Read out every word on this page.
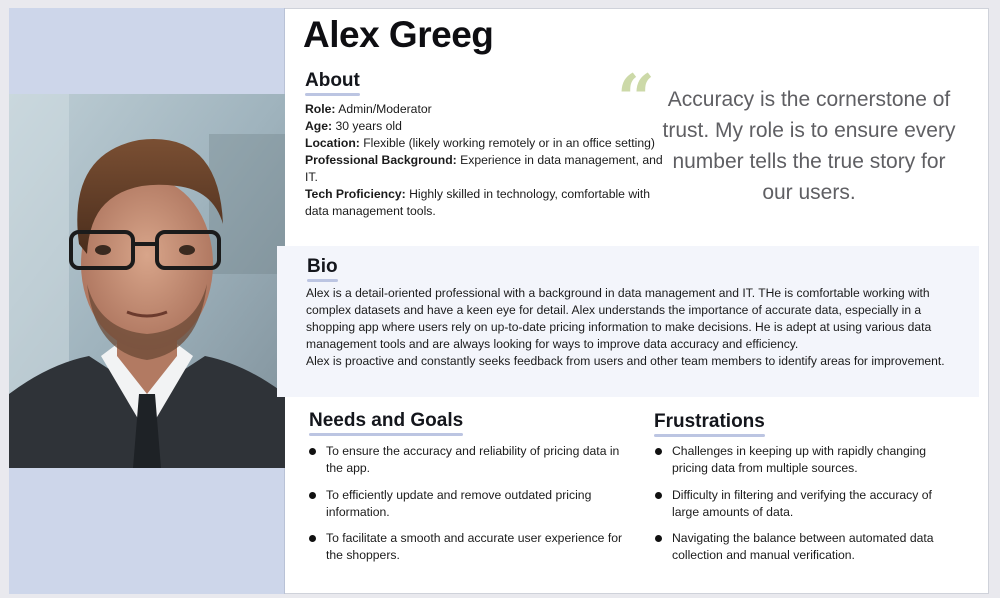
Alex Greeg
About
Role: Admin/Moderator
Age: 30 years old
Location: Flexible (likely working remotely or in an office setting)
Professional Background: Experience in data management, and IT.
Tech Proficiency: Highly skilled in technology, comfortable with data management tools.
“ Accuracy is the cornerstone of trust. My role is to ensure every number tells the true story for our users.
Bio
Alex is a detail-oriented professional with a background in data management and IT. THe is comfortable working with complex datasets and have a keen eye for detail. Alex understands the importance of accurate data, especially in a shopping app where users rely on up-to-date pricing information to make decisions. He is adept at using various data management tools and are always looking for ways to improve data accuracy and efficiency.
Alex is proactive and constantly seeks feedback from users and other team members to identify areas for improvement.
Needs and Goals	Frustrations
To ensure the accuracy and reliability of pricing data in the app.
To efficiently update and remove outdated pricing information.
To facilitate a smooth and accurate user experience for the shoppers.
Challenges in keeping up with rapidly changing pricing data from multiple sources.
Difficulty in filtering and verifying the accuracy of large amounts of data.
Navigating the balance between automated data collection and manual verification.
